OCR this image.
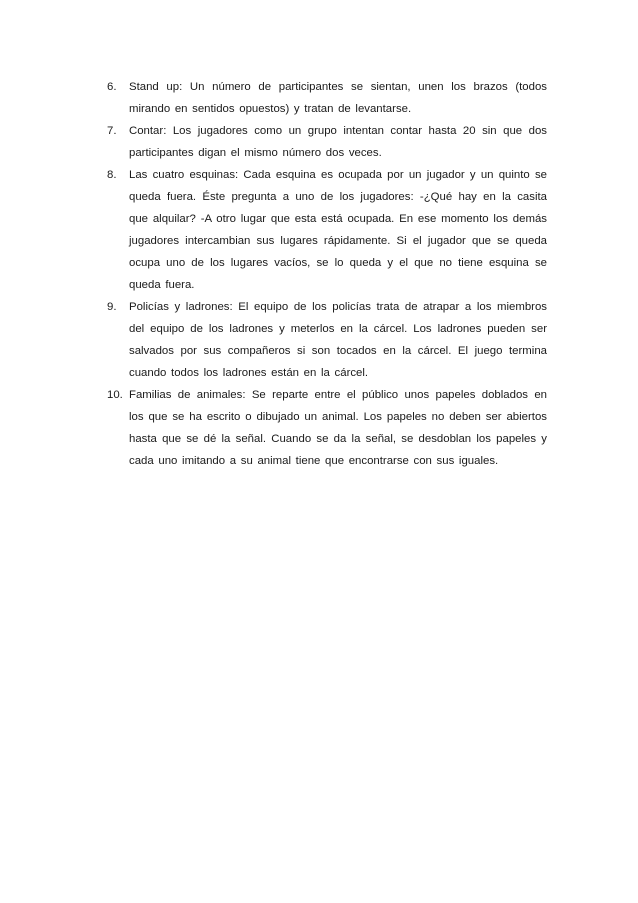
6.	Stand up: Un número de participantes se sientan, unen los brazos (todos mirando en sentidos opuestos) y tratan de levantarse.
7.	Contar: Los jugadores como un grupo intentan contar hasta 20 sin que dos participantes digan el mismo número dos veces.
8.	Las cuatro esquinas: Cada esquina es ocupada por un jugador y un quinto se queda fuera. Éste pregunta a uno de los jugadores: -¿Qué hay en la casita que alquilar? -A otro lugar que esta está ocupada. En ese momento los demás jugadores intercambian sus lugares rápidamente. Si el jugador que se queda ocupa uno de los lugares vacíos, se lo queda y el que no tiene esquina se queda fuera.
9.	Policías y ladrones: El equipo de los policías trata de atrapar a los miembros del equipo de los ladrones y meterlos en la cárcel. Los ladrones pueden ser salvados por sus compañeros si son tocados en la cárcel. El juego termina cuando todos los ladrones están en la cárcel.
10. Familias de animales: Se reparte entre el público unos papeles doblados en los que se ha escrito o dibujado un animal. Los papeles no deben ser abiertos hasta que se dé la señal. Cuando se da la señal, se desdoblan los papeles y cada uno imitando a su animal tiene que encontrarse con sus iguales.
